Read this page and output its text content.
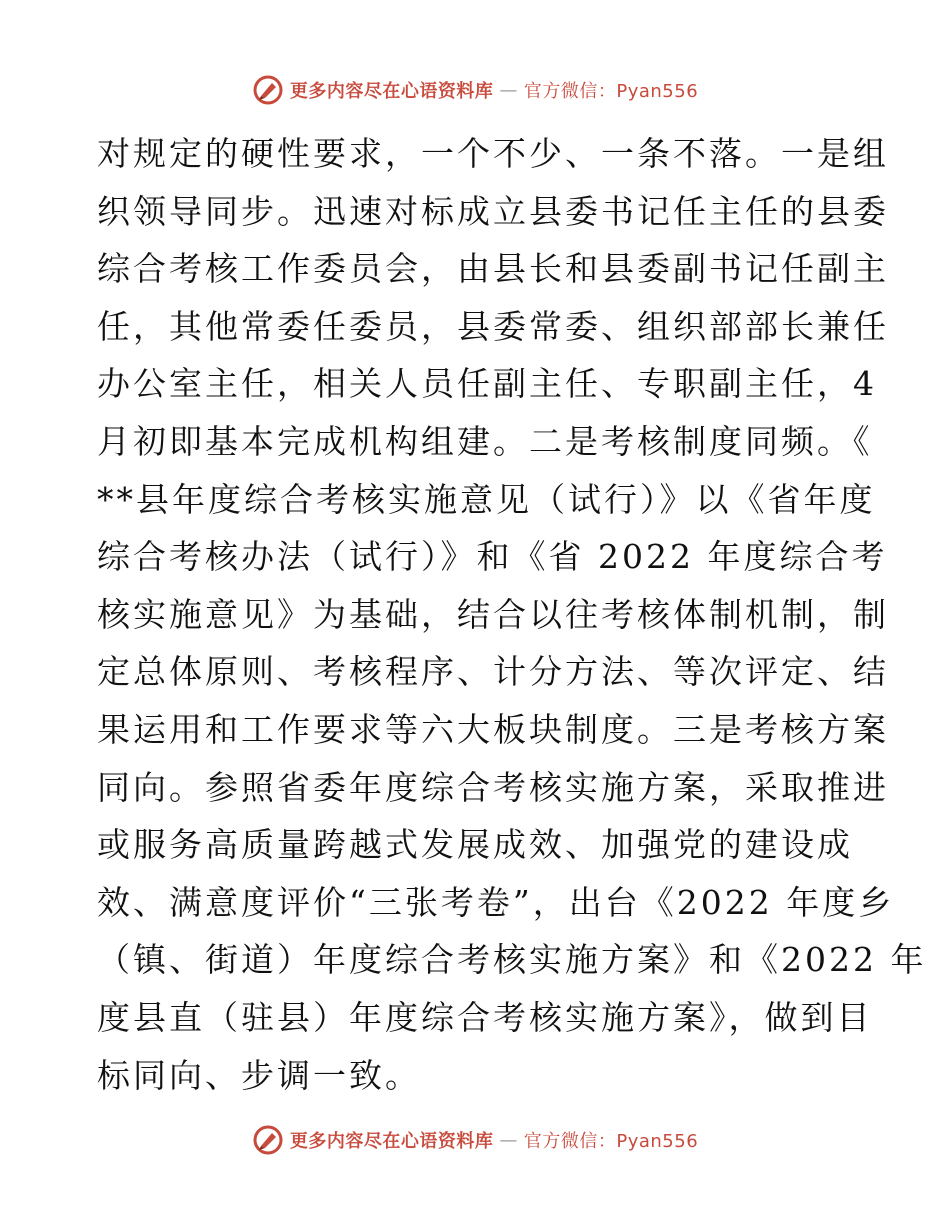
更多内容尽在心语资料库 — 官方微信：Pyan556
对规定的硬性要求，一个不少、一条不落。一是组
织领导同步。迅速对标成立县委书记任主任的县委
综合考核工作委员会，由县长和县委副书记任副主
任，其他常委任委员，县委常委、组织部部长兼任
办公室主任，相关人员任副主任、专职副主任，4
月初即基本完成机构组建。二是考核制度同频。《
**县年度综合考核实施意见（试行）》以《省年度
综合考核办法（试行）》和《省 2022 年度综合考
核实施意见》为基础，结合以往考核体制机制，制
定总体原则、考核程序、计分方法、等次评定、结
果运用和工作要求等六大板块制度。三是考核方案
同向。参照省委年度综合考核实施方案，采取推进
或服务高质量跨越式发展成效、加强党的建设成
效、满意度评价“三张考卷”，出台《2022 年度乡
（镇、街道）年度综合考核实施方案》和《2022 年
度县直（驻县）年度综合考核实施方案》，做到目
标同向、步调一致。
更多内容尽在心语资料库 — 官方微信：Pyan556
